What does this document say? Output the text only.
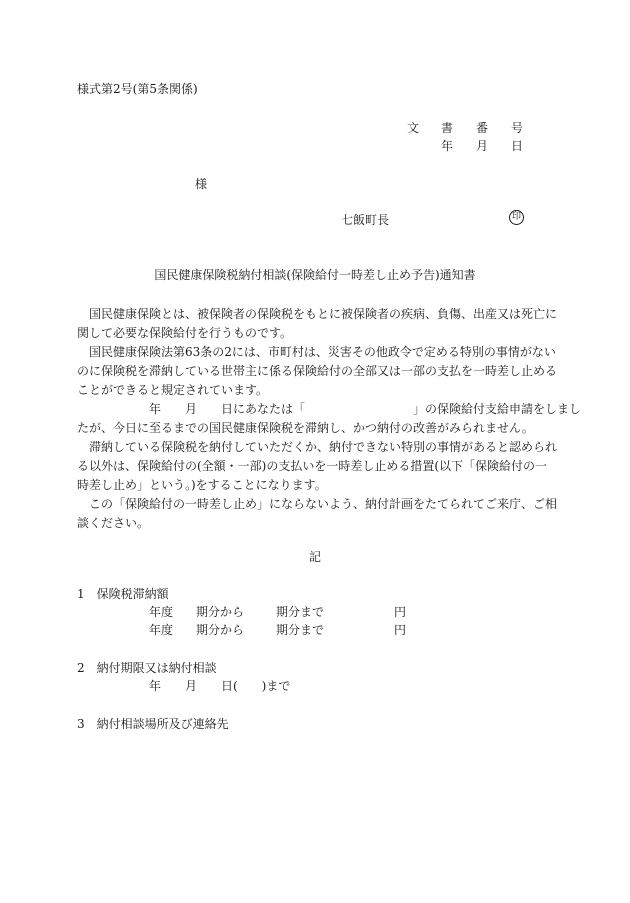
様式第2号(第5条関係)
文 書 番 号
年 月 日
様
七飯町長	印
国民健康保険税納付相談(保険給付一時差し止め予告)通知書
　国民健康保険とは、被保険者の保険税をもとに被保険者の疾病、負傷、出産又は死亡に
関して必要な保険給付を行うものです。
　国民健康保険法第63条の2には、市町村は、災害その他政令で定める特別の事情がない
のに保険税を滞納している世帯主に係る保険給付の全部又は一部の支払を一時差し止める
ことができると規定されています。
　　　　　　年　　月　　日にあなたは「　　　　　　　　　」の保険給付支給申請をしまし
たが、今日に至るまでの国民健康保険税を滞納し、かつ納付の改善がみられません。
　滞納している保険税を納付していただくか、納付できない特別の事情があると認められ
る以外は、保険給付の(全額・一部)の支払いを一時差し止める措置(以下「保険給付の一
時差し止め」という。)をすることになります。
　この「保険給付の一時差し止め」にならないよう、納付計画をたてられてご来庁、ご相
談ください。
記
1　保険税滞納額
年度 期分から	期分まで	円
年度 期分から	期分まで	円
2　納付期限又は納付相談
年　　月　　日(　　)まで
3　納付相談場所及び連絡先
